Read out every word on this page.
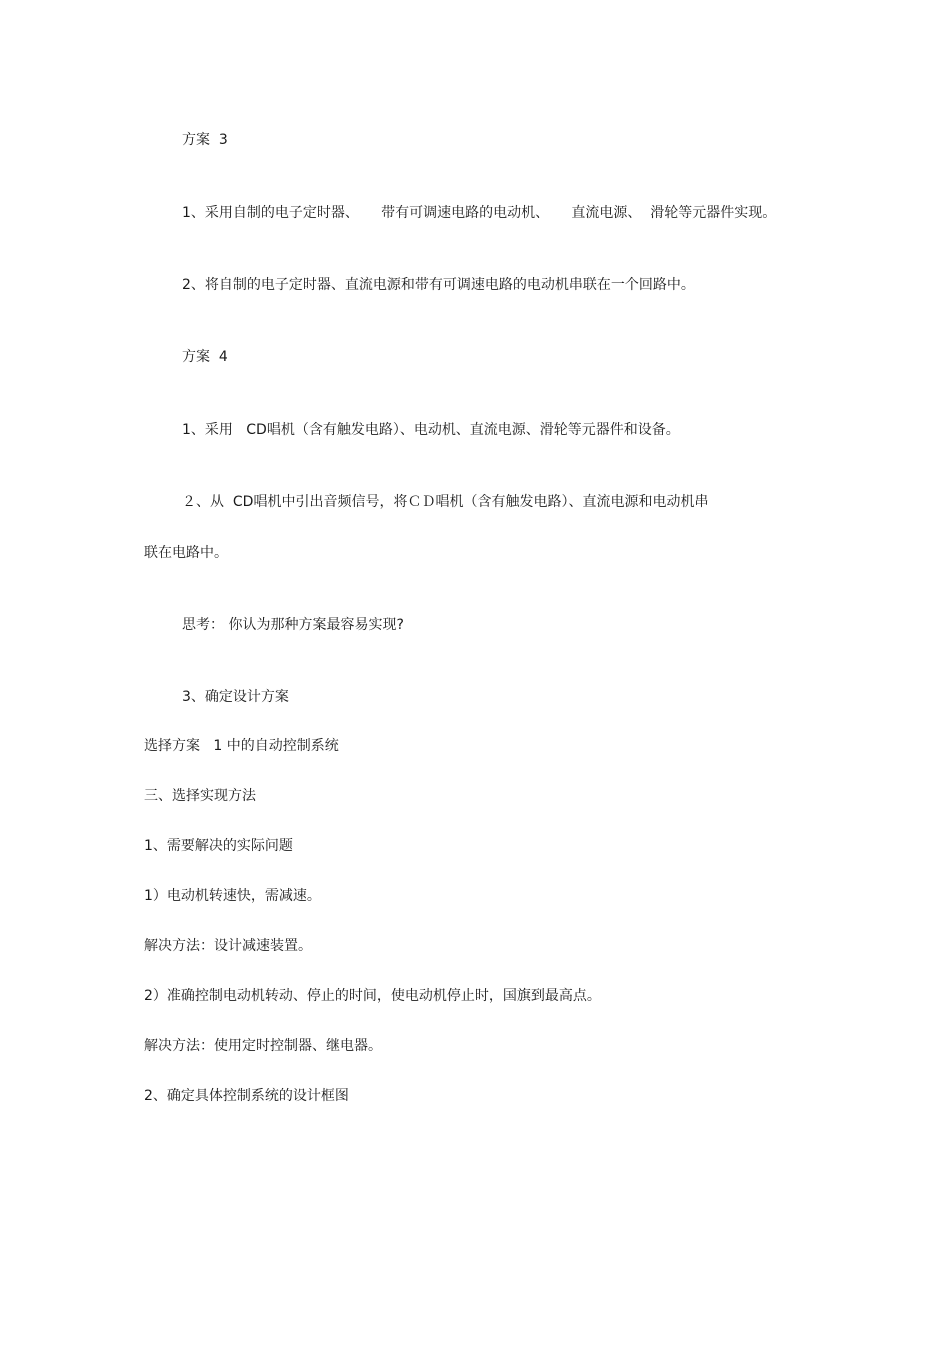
方案  3
1、采用自制的电子定时器、     带有可调速电路的电动机、     直流电源、  滑轮等元器件实现。
2、将自制的电子定时器、直流电源和带有可调速电路的电动机串联在一个回路中。
方案  4
1、采用   CD唱机（含有触发电路）、电动机、直流电源、滑轮等元器件和设备。
２、从  CD唱机中引出音频信号，将ＣＤ唱机（含有触发电路）、直流电源和电动机串
联在电路中。
思考： 你认为那种方案最容易实现?
3、确定设计方案
选择方案   1 中的自动控制系统
三、选择实现方法
1、需要解决的实际问题
1）电动机转速快，需减速。
解决方法：设计减速装置。
2）准确控制电动机转动、停止的时间，使电动机停止时，国旗到最高点。
解决方法：使用定时控制器、继电器。
2、确定具体控制系统的设计框图
